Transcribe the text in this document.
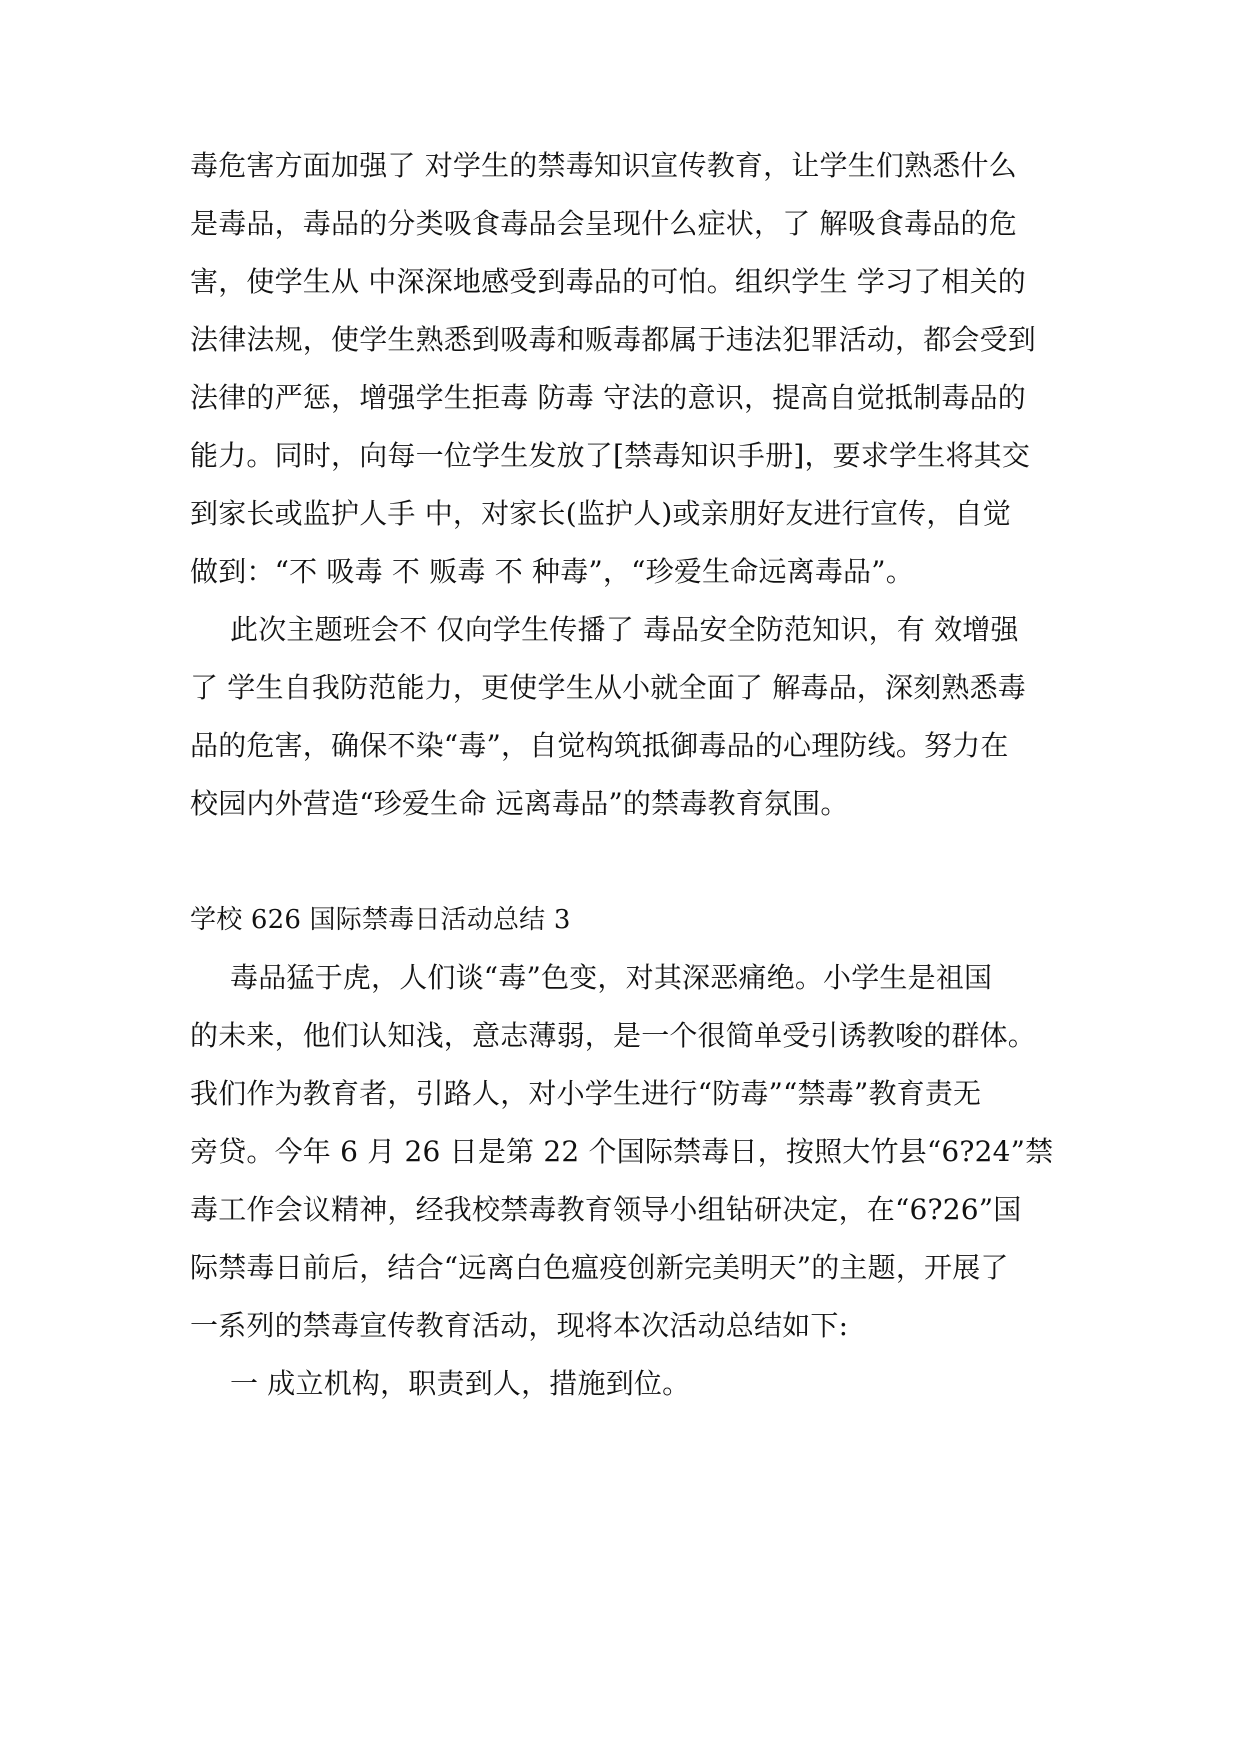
毒危害方面加强了 对学生的禁毒知识宣传教育，让学生们熟悉什么
是毒品，毒品的分类吸食毒品会呈现什么症状，了 解吸食毒品的危
害，使学生从 中深深地感受到毒品的可怕。组织学生 学习了相关的
法律法规，使学生熟悉到吸毒和贩毒都属于违法犯罪活动，都会受到
法律的严惩，增强学生拒毒 防毒 守法的意识，提高自觉抵制毒品的
能力。同时，向每一位学生发放了[禁毒知识手册]，要求学生将其交
到家长或监护人手 中，对家长(监护人)或亲朋好友进行宣传，自觉
做到：“不 吸毒 不 贩毒 不 种毒”，“珍爱生命远离毒品”。
此次主题班会不 仅向学生传播了 毒品安全防范知识，有 效增强
了 学生自我防范能力，更使学生从小就全面了 解毒品，深刻熟悉毒
品的危害，确保不染“毒”，自觉构筑抵御毒品的心理防线。努力在
校园内外营造“珍爱生命 远离毒品”的禁毒教育氛围。
学校 626 国际禁毒日活动总结 3
毒品猛于虎，人们谈“毒”色变，对其深恶痛绝。小学生是祖国
的未来，他们认知浅，意志薄弱，是一个很简单受引诱教唆的群体。
我们作为教育者，引路人，对小学生进行“防毒”“禁毒”教育责无
旁贷。今年 6 月 26 日是第 22 个国际禁毒日，按照大竹县“6?24”禁
毒工作会议精神，经我校禁毒教育领导小组钻研决定，在“6?26”国
际禁毒日前后，结合“远离白色瘟疫创新完美明天”的主题，开展了
一系列的禁毒宣传教育活动，现将本次活动总结如下:
一 成立机构，职责到人，措施到位。
